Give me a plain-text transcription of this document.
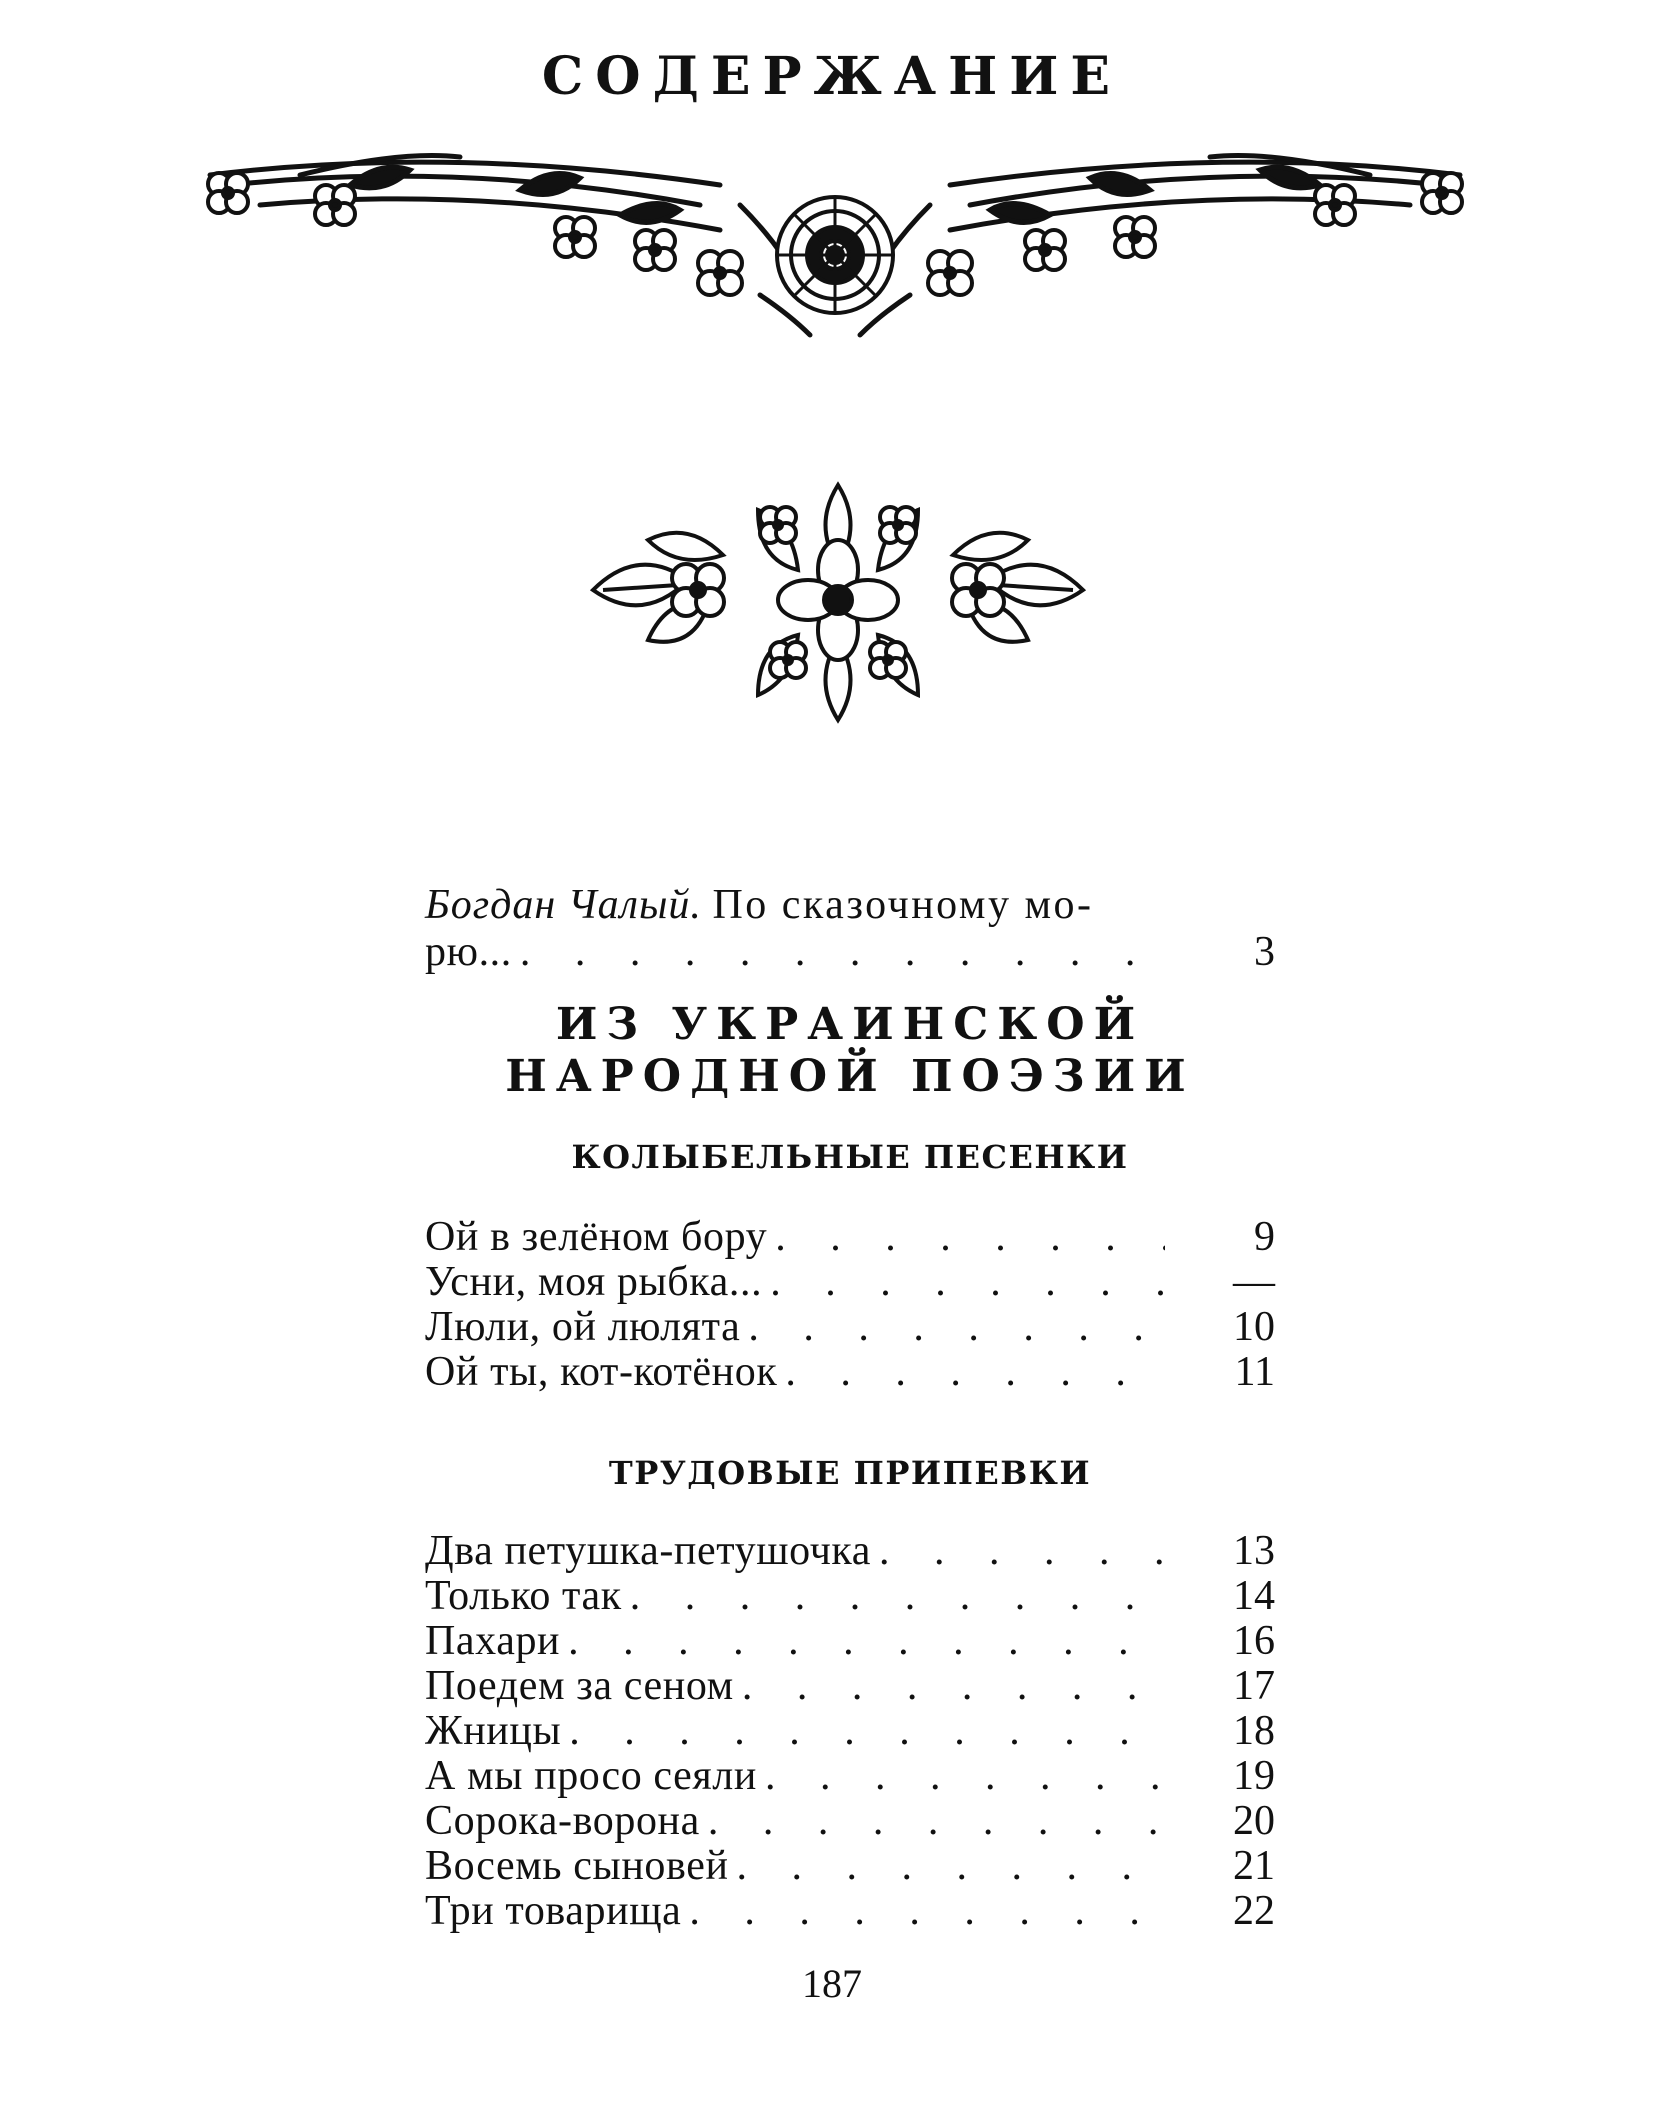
СОДЕРЖАНИЕ
Богдан Чалый. По сказочному мо-
рю... . . .	3
ИЗ УКРАИНСКОЙ
НАРОДНОЙ ПОЭЗИИ
КОЛЫБЕЛЬНЫЕ ПЕСЕНКИ
Ой в зелёном бору . . .	9
Усни, моя рыбка... . . .	—
Люли, ой люлята . . .	10
Ой ты, кот-котёнок . . .	11
ТРУДОВЫЕ ПРИПЕВКИ
Два петушка-петушочка . . .	13
Только так . . .	14
Пахари . . .	16
Поедем за сеном . . .	17
Жницы . . .	18
А мы просо сеяли . . .	19
Сорока-ворона . . .	20
Восемь сыновей . . .	21
Три товарища . . .	22
187
